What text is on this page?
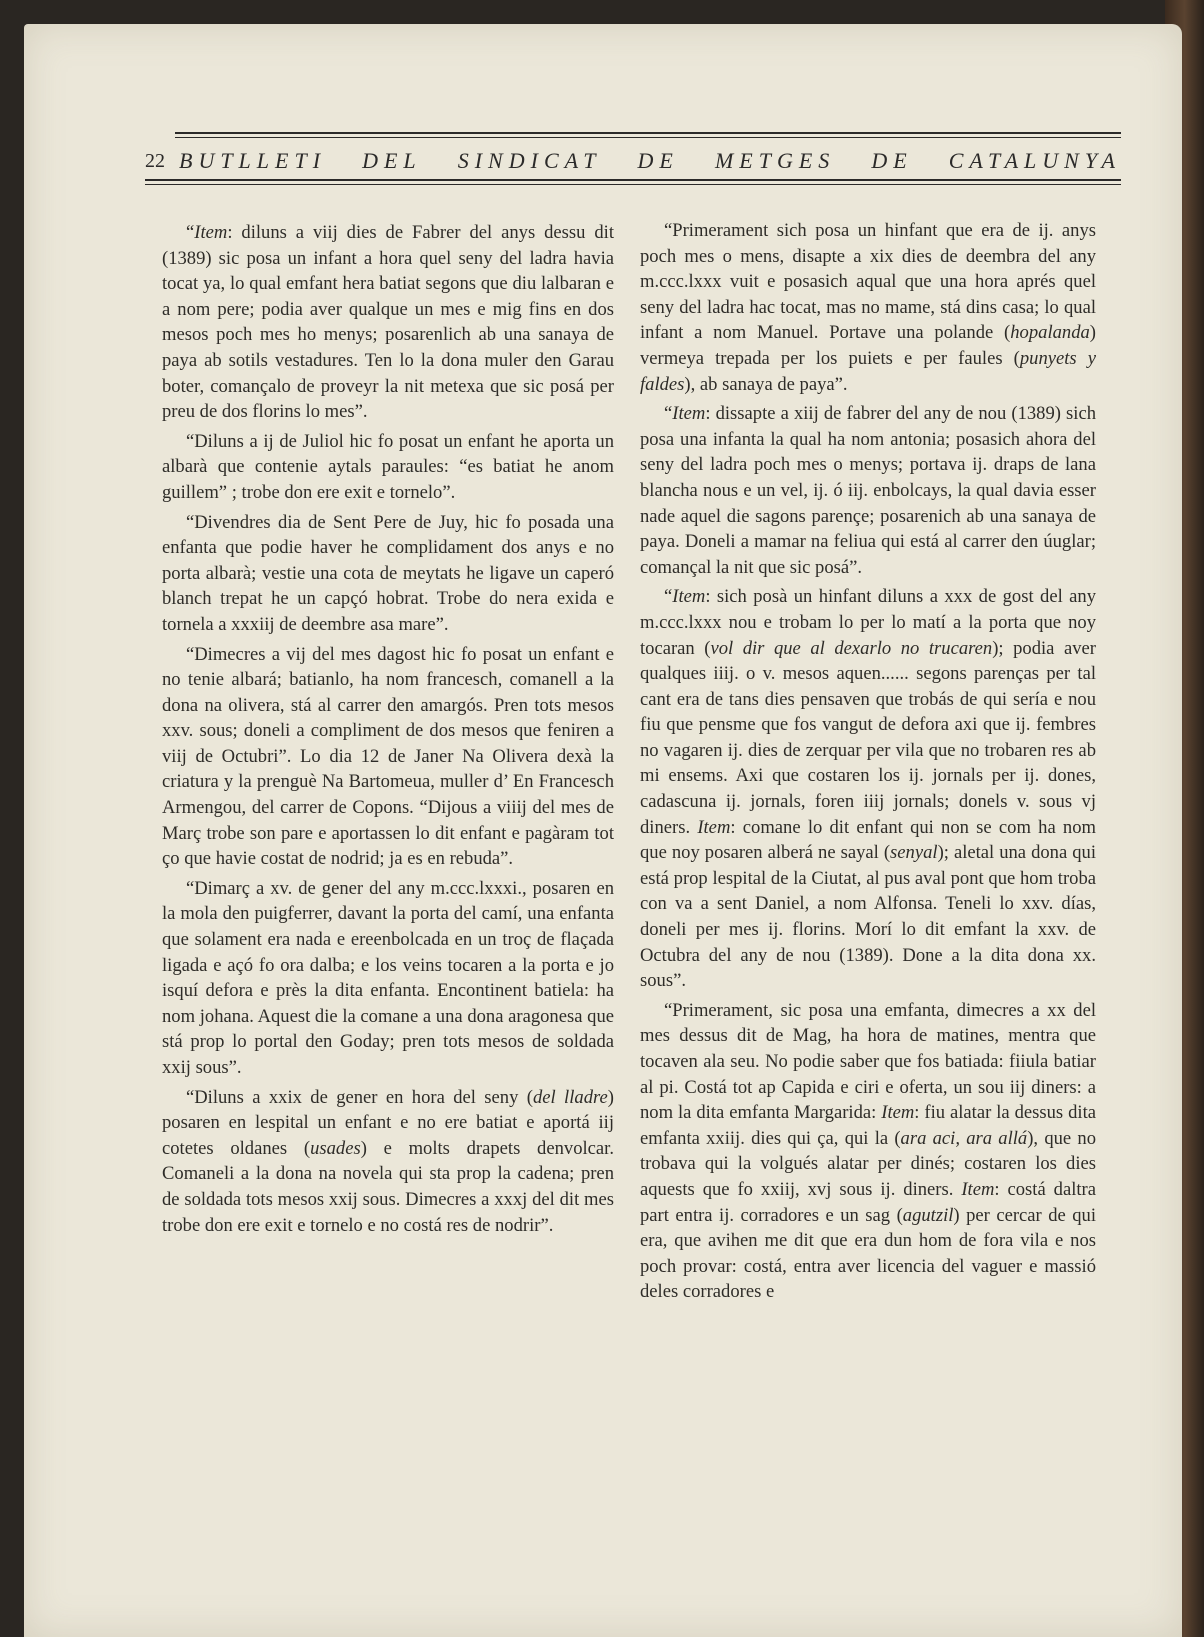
22 BUTLLETI DEL SINDICAT DE METGES DE CATALUNYA

“Item: diluns a viij dies de Fabrer del anys dessu dit (1389) sic posa un infant a hora quel seny del ladra havia tocat ya, lo qual emfant hera batiat segons que diu lalbaran e a nom pere; podia aver qualque un mes e mig fins en dos mesos poch mes ho menys; posarenlich ab una sanaya de paya ab sotils vestadures. Ten lo la dona muler den Garau boter, comançalo de proveyr la nit metexa que sic posá per preu de dos florins lo mes”.

“Diluns a ij de Juliol hic fo posat un enfant he aporta un albarà que contenie aytals paraules: “es batiat he anom guillem” ; trobe don ere exit e tornelo”.

“Divendres dia de Sent Pere de Juy, hic fo posada una enfanta que podie haver he complidament dos anys e no porta albarà; vestie una cota de meytats he ligave un caperó blanch trepat he un capçó hobrat. Trobe do nera exida e tornela a xxxiij de deembre asa mare”.

“Dimecres a vij del mes dagost hic fo posat un enfant e no tenie albará; batianlo, ha nom francesch, comanell a la dona na olivera, stá al carrer den amargós. Pren tots mesos xxv. sous; doneli a compliment de dos mesos que feniren a viij de Octubri”. Lo dia 12 de Janer Na Olivera dexà la criatura y la prenguè Na Bartomeua, muller d’ En Francesch Armengou, del carrer de Copons. “Dijous a viiij del mes de Març trobe son pare e aportassen lo dit enfant e pagàram tot ço que havie costat de nodrid; ja es en rebuda”.

“Dimarç a xv. de gener del any m.ccc.lxxxi., posaren en la mola den puigferrer, davant la porta del camí, una enfanta que solament era nada e ereenbolcada en un troç de flaçada ligada e açó fo ora dalba; e los veins tocaren a la porta e jo isquí defora e près la dita enfanta. Encontinent batiela: ha nom johana. Aquest die la comane a una dona aragonesa que stá prop lo portal den Goday; pren tots mesos de soldada xxij sous”.

“Diluns a xxix de gener en hora del seny (del lladre) posaren en lespital un enfant e no ere batiat e aportá iij cotetes oldanes (usades) e molts drapets denvolcar. Comaneli a la dona na novela qui sta prop la cadena; pren de soldada tots mesos xxij sous. Dimecres a xxxj del dit mes trobe don ere exit e tornelo e no costá res de nodrir”.

“Primerament sich posa un hinfant que era de ij. anys poch mes o mens, disapte a xix dies de deembra del any m.ccc.lxxx vuit e posasich aqual que una hora aprés quel seny del ladra hac tocat, mas no mame, stá dins casa; lo qual infant a nom Manuel. Portave una polande (hopalanda) vermeya trepada per los puiets e per faules (punyets y faldes), ab sanaya de paya”.

“Item: dissapte a xiij de fabrer del any de nou (1389) sich posa una infanta la qual ha nom antonia; posasich ahora del seny del ladra poch mes o menys; portava ij. draps de lana blancha nous e un vel, ij. ó iij. enbolcays, la qual davia esser nade aquel die sagons parençe; posarenich ab una sanaya de paya. Doneli a mamar na feliua qui está al carrer den úuglar; comançal la nit que sic posá”.

“Item: sich posà un hinfant diluns a xxx de gost del any m.ccc.lxxx nou e trobam lo per lo matí a la porta que noy tocaran (vol dir que al dexarlo no trucaren); podia aver qualques iiij. o v. mesos aquen...... segons parenças per tal cant era de tans dies pensaven que trobás de qui sería e nou fiu que pensme que fos vangut de defora axi que ij. fembres no vagaren ij. dies de zerquar per vila que no trobaren res ab mi ensems. Axi que costaren los ij. jornals per ij. dones, cadascuna ij. jornals, foren iiij jornals; donels v. sous vj diners. Item: comane lo dit enfant qui non se com ha nom que noy posaren alberá ne sayal (senyal); aletal una dona qui está prop lespital de la Ciutat, al pus aval pont que hom troba con va a sent Daniel, a nom Alfonsa. Teneli lo xxv. días, doneli per mes ij. florins. Morí lo dit emfant la xxv. de Octubra del any de nou (1389). Done a la dita dona xx. sous”.

“Primerament, sic posa una emfanta, dimecres a xx del mes dessus dit de Mag, ha hora de matines, mentra que tocaven ala seu. No podie saber que fos batiada: fiiula batiar al pi. Costá tot ap Capida e ciri e oferta, un sou iij diners: a nom la dita emfanta Margarida: Item: fiu alatar la dessus dita emfanta xxiij. dies qui ça, qui la (ara aci, ara allá), que no trobava qui la volgués alatar per dinés; costaren los dies aquests que fo xxiij, xvj sous ij. diners. Item: costá daltra part entra ij. corradores e un sag (agutzil) per cercar de qui era, que avihen me dit que era dun hom de fora vila e nos poch provar: costá, entra aver licencia del vaguer e massió deles corradores e
